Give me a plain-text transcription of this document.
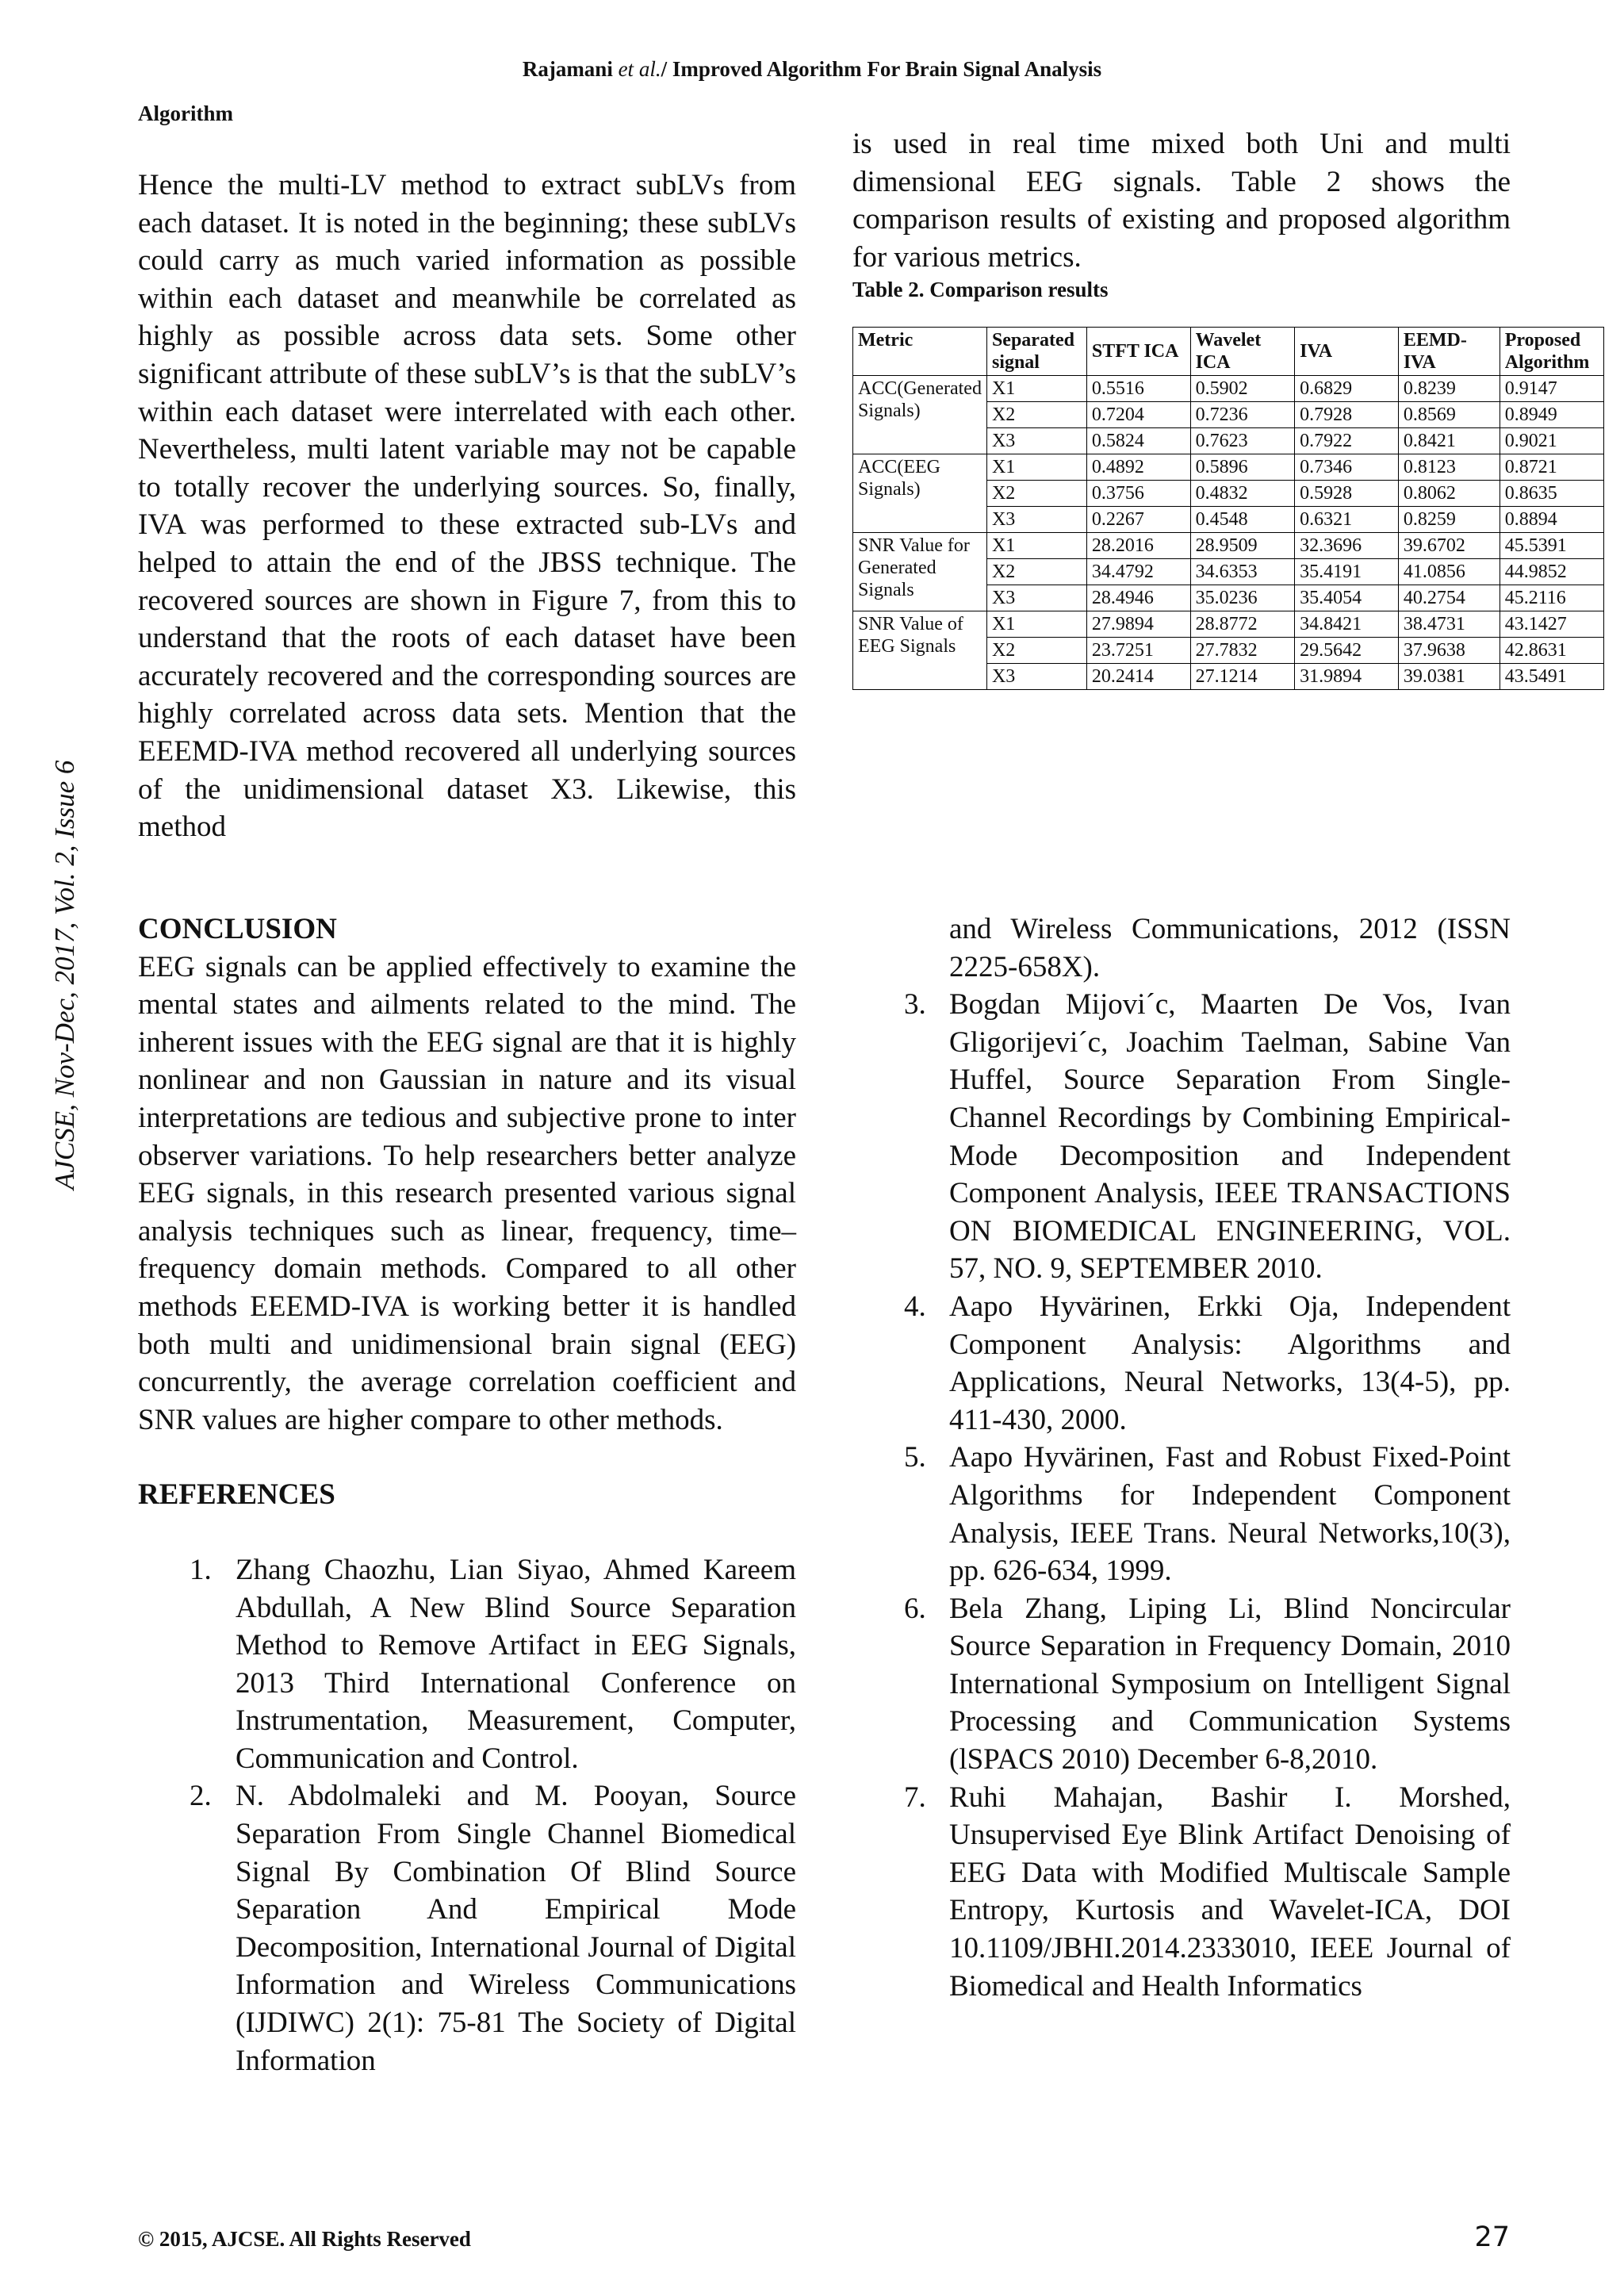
Rajamani et al./ Improved Algorithm For Brain Signal Analysis
Algorithm
AJCSE, Nov-Dec, 2017, Vol. 2, Issue 6

Hence the multi-LV method to extract subLVs from each dataset. It is noted in the beginning; these subLVs could carry as much varied information as possible within each dataset and meanwhile be correlated as highly as possible across data sets. Some other significant attribute of these subLV’s is that the subLV’s within each dataset were interrelated with each other. Nevertheless, multi latent variable may not be capable to totally recover the underlying sources. So, finally, IVA was performed to these extracted sub-LVs and helped to attain the end of the JBSS technique. The recovered sources are shown in Figure 7, from this to understand that the roots of each dataset have been accurately recovered and the corresponding sources are highly correlated across data sets. Mention that the EEEMD-IVA method recovered all underlying sources of the unidimensional dataset X3. Likewise, this method

is used in real time mixed both Uni and multi dimensional EEG signals. Table 2 shows the comparison results of existing and proposed algorithm for various metrics.

Table 2. Comparison results
Metric	Separated signal	STFT ICA	Wavelet ICA	IVA	EEMD-IVA	Proposed Algorithm
ACC(Generated Signals)	X1	0.5516	0.5902	0.6829	0.8239	0.9147
	X2	0.7204	0.7236	0.7928	0.8569	0.8949
	X3	0.5824	0.7623	0.7922	0.8421	0.9021
ACC(EEG Signals)	X1	0.4892	0.5896	0.7346	0.8123	0.8721
	X2	0.3756	0.4832	0.5928	0.8062	0.8635
	X3	0.2267	0.4548	0.6321	0.8259	0.8894
SNR Value for Generated Signals	X1	28.2016	28.9509	32.3696	39.6702	45.5391
	X2	34.4792	34.6353	35.4191	41.0856	44.9852
	X3	28.4946	35.0236	35.4054	40.2754	45.2116
SNR Value of EEG Signals	X1	27.9894	28.8772	34.8421	38.4731	43.1427
	X2	23.7251	27.7832	29.5642	37.9638	42.8631
	X3	20.2414	27.1214	31.9894	39.0381	43.5491
CONCLUSION

EEG signals can be applied effectively to examine the mental states and ailments related to the mind. The inherent issues with the EEG signal are that it is highly nonlinear and non Gaussian in nature and its visual interpretations are tedious and subjective prone to inter observer variations. To help researchers better analyze EEG signals, in this research presented various signal analysis techniques such as linear, frequency, time–frequency domain methods. Compared to all other methods EEEMD-IVA is working better it is handled both multi and unidimensional brain signal (EEG) concurrently, the average correlation coefficient and SNR values are higher compare to other methods.

REFERENCES
1. Zhang Chaozhu, Lian Siyao, Ahmed Kareem Abdullah, A New Blind Source Separation Method to Remove Artifact in EEG Signals, 2013 Third International Conference on Instrumentation, Measurement, Computer, Communication and Control.
2. N. Abdolmaleki and M. Pooyan, Source Separation From Single Channel Biomedical Signal By Combination Of Blind Source Separation And Empirical Mode Decomposition, International Journal of Digital Information and Wireless Communications (IJDIWC) 2(1): 75-81 The Society of Digital Information
and Wireless Communications, 2012 (ISSN 2225-658X).
3. Bogdan Mijovi´c, Maarten De Vos, Ivan Gligorijevi´c, Joachim Taelman, Sabine Van Huffel, Source Separation From Single-Channel Recordings by Combining Empirical-Mode Decomposition and Independent Component Analysis, IEEE TRANSACTIONS ON BIOMEDICAL ENGINEERING, VOL. 57, NO. 9, SEPTEMBER 2010.
4. Aapo Hyvärinen, Erkki Oja, Independent Component Analysis: Algorithms and Applications, Neural Networks, 13(4-5), pp. 411-430, 2000.
5. Aapo Hyvärinen, Fast and Robust Fixed-Point Algorithms for Independent Component Analysis, IEEE Trans. Neural Networks,10(3), pp. 626-634, 1999.
6. Bela Zhang, Liping Li, Blind Noncircular Source Separation in Frequency Domain, 2010 International Symposium on Intelligent Signal Processing and Communication Systems (lSPACS 2010) December 6-8,2010.
7. Ruhi Mahajan, Bashir I. Morshed, Unsupervised Eye Blink Artifact Denoising of EEG Data with Modified Multiscale Sample Entropy, Kurtosis and Wavelet-ICA, DOI 10.1109/JBHI.2014.2333010, IEEE Journal of Biomedical and Health Informatics
© 2015, AJCSE. All Rights Reserved	27
